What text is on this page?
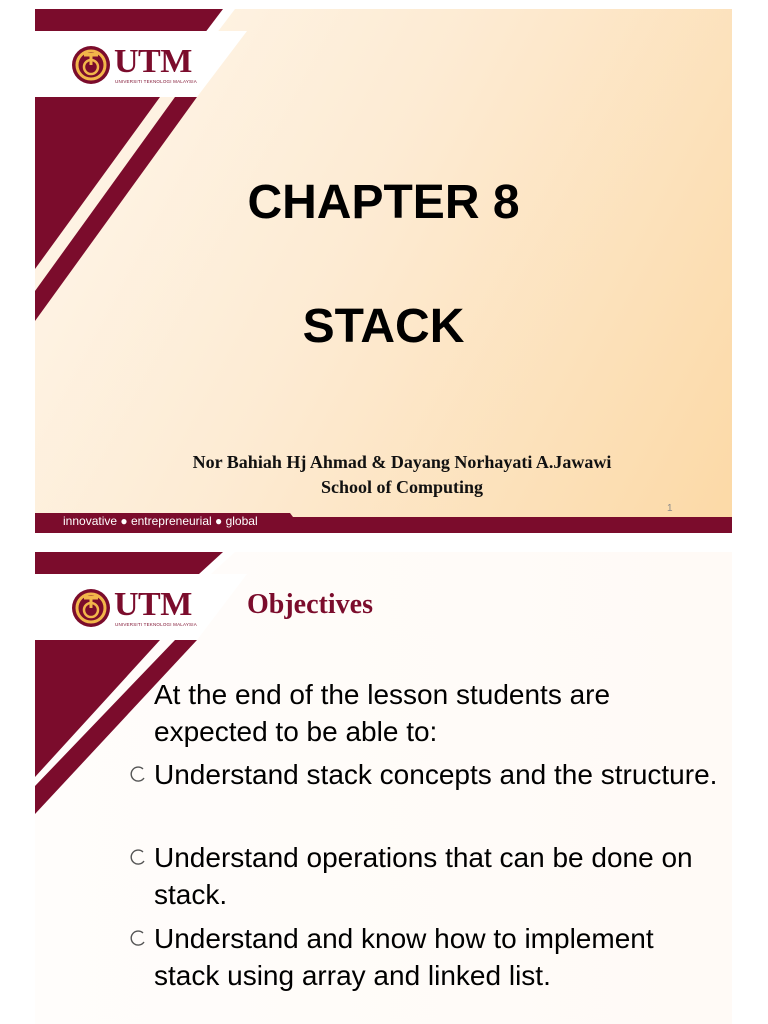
UTM
UNIVERSITI TEKNOLOGI MALAYSIA
CHAPTER 8
STACK
Nor Bahiah Hj Ahmad & Dayang Norhayati A.Jawawi
School of Computing
innovative ● entrepreneurial ● global
1
UTM
UNIVERSITI TEKNOLOGI MALAYSIA
Objectives
At the end of the lesson students are expected to be able to:
Understand stack concepts and the structure.
Understand operations that can be done on stack.
Understand and know how to implement stack using array and linked list.
